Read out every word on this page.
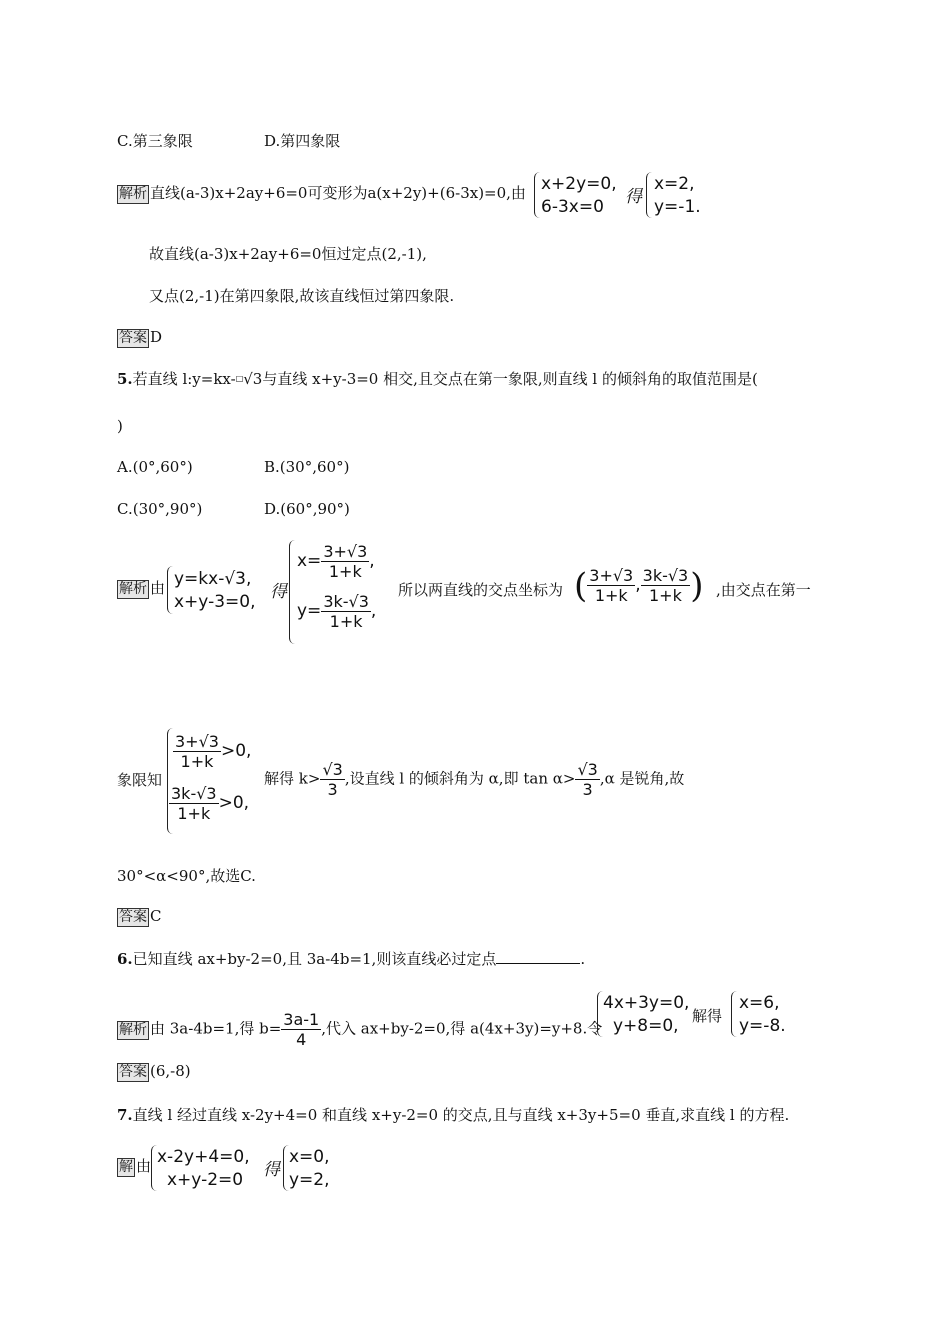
C.第三象限	D.第四象限
解析 直线(a-3)x+2ay+6=0可变形为a(x+2y)+(6-3x)=0,由 x+2y=0,
6-3x=0 得
x=2,
y=-1.
故直线(a-3)x+2ay+6=0恒过定点(2,-1),
又点(2,-1)在第四象限,故该直线恒过第四象限.
答案 D
5.若直线 l:y=kx-□√3与直线 x+y-3=0 相交,且交点在第一象限,则直线 l 的倾斜角的取值范围是(
)
A.(0°,60°)	B.(30°,60°)
C.(30°,90°)	D.(60°,90°)
解析 由 y=kx-√3,
x+y-3=0, 得
$x= \frac{3+√3}{1+k}$ ,
$y= \frac{3k-√3}{1+k}$ ,
所以两直线的交点坐标为 ( $\frac{3+√3}{1+k}$ , $\frac{3k-√3}{1+k}$ ) ,由交点在第一
象限知
$\frac{3+√3}{1+k} >0$,
$\frac{3k-√3}{1+k} >0$,
解得 $k> \frac{√3}{3}$ ,设直线 l 的倾斜角为 α,即 $\tan \alpha> \frac{√3}{3} ,\alpha$ 是锐角,故
30°<α<90°,故选C.
答案 C
6.已知直线 ax+by-2=0,且 3a-4b=1,则该直线必过定点	.
解析 由 3a-4b=1,得 $b= \frac{3a-1}{4}$ ,代入 ax+by-2=0,得 a(4x+3y)=y+8.令
4x+3y=0,
y+8=0, 解得
x=6,
y=-8.
答案 (6,-8)
7.直线 l 经过直线 x-2y+4=0 和直线 x+y-2=0 的交点,且与直线 x+3y+5=0 垂直,求直线 l 的方程.
解 由 x-2y+4=0,
x+y-2=0 得
x=0,
y=2,
